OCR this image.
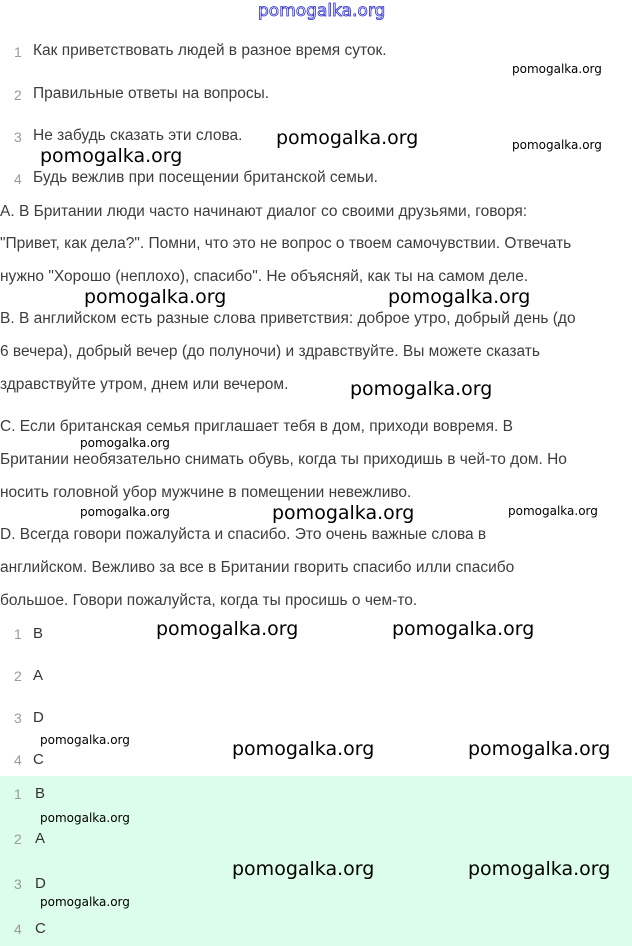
pomogalka.org
1 Как приветствовать людей в разное время суток.
2 Правильные ответы на вопросы.
3 Не забудь сказать эти слова.
4 Будь вежлив при посещении британской семьи.
A. В Британии люди часто начинают диалог со своими друзьями, говоря:
"Привет, как дела?". Помни, что это не вопрос о твоем самочувствии. Отвечать
нужно "Хорошо (неплохо), спасибо". Не объясняй, как ты на самом деле.
B. В английском есть разные слова приветствия: доброе утро, добрый день (до
6 вечера), добрый вечер (до полуночи) и здравствуйте. Вы можете сказать
здравствуйте утром, днем или вечером.
C. Если британская семья приглашает тебя в дом, приходи вовремя. В
Британии необязательно снимать обувь, когда ты приходишь в чей-то дом. Но
носить головной убор мужчине в помещении невежливо.
D. Всегда говори пожалуйста и спасибо. Это очень важные слова в
английском. Вежливо за все в Британии гворить спасибо илли спасибо
большое. Говори пожалуйста, когда ты просишь о чем-то.
1 B
2 A
3 D
4 C
1 B
2 A
3 D
4 C
pomogalka.org
pomogalka.org
pomogalka.org
pomogalka.org
pomogalka.org
pomogalka.org
pomogalka.org
pomogalka.org
pomogalka.org
pomogalka.org	pomogalka.org
pomogalka.org	pomogalka.org
pomogalka.org	pomogalka.org	pomogalka.org
pomogalka.org
pomogalka.org	pomogalka.org
pomogalka.org
